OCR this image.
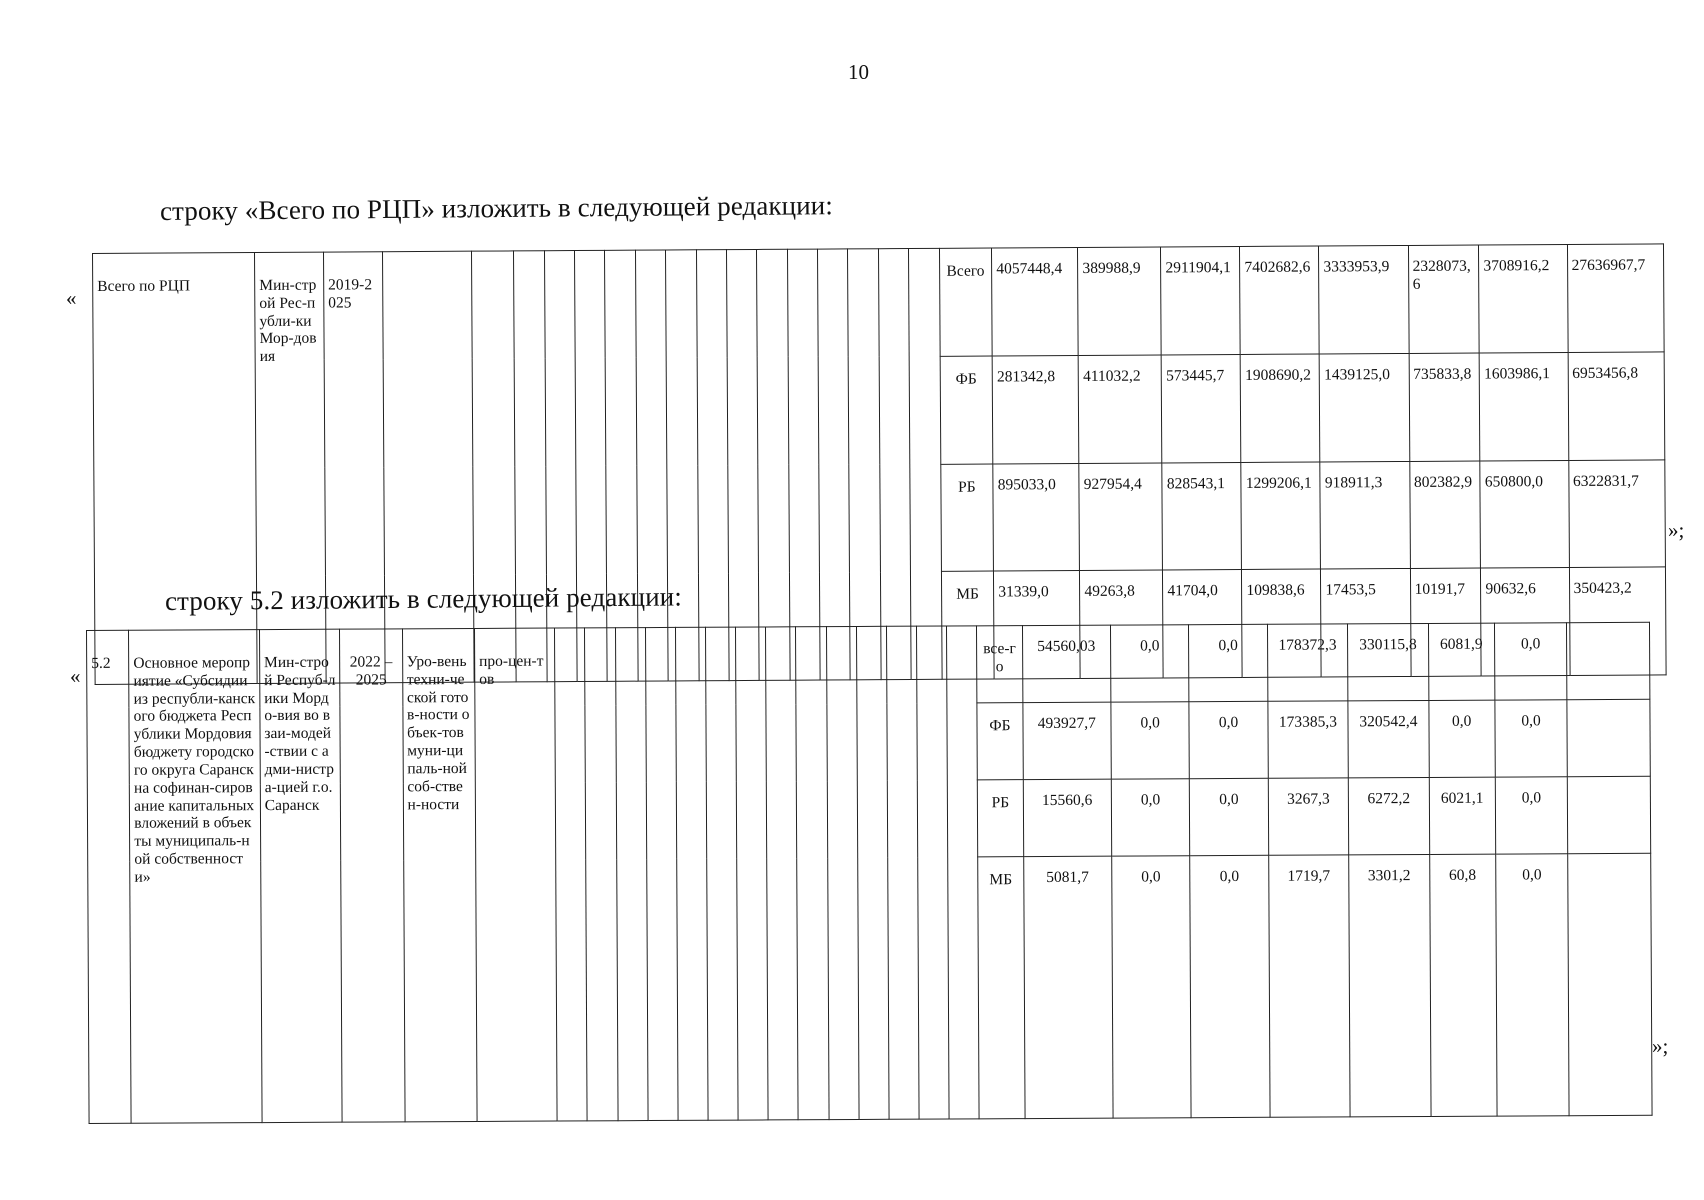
10
строку «Всего по РЦП» изложить в следующей редакции:
«
»;
Всего по РЦП	Мин-строй Рес-публи-ки Мор-довия	2019-2025																	Всего	4057448,4	389988,9	2911904,1	7402682,6	3333953,9	2328073,6	3708916,2	27636967,7
																			ФБ	281342,8	411032,2	573445,7	1908690,2	1439125,0	735833,8	1603986,1	6953456,8
																			РБ	895033,0	927954,4	828543,1	1299206,1	918911,3	802382,9	650800,0	6322831,7
																			МБ	31339,0	49263,8	41704,0	109838,6	17453,5	10191,7	90632,6	350423,2
строку 5.2 изложить в следующей редакции:
«
»;
5.2	Основное мероприятие «Субсидии из республи-канского бюджета Республики Мордовия бюджету городского округа Саранск на софинан-сирование капитальных вложений в объекты муниципаль-ной собственности»	Мин-строй Респуб-лики Мордо-вия во взаи-модей-ствии с адми-нистра-цией г.о. Саранск	2022 – 2025	Уро-вень техни-ческой готов-ности объек-тов муни-ципаль-ной соб-ствен-ности	про-цен-тов															все-го	54560,03	0,0	0,0	178372,3	330115,8	6081,9	0,0	
																				ФБ	493927,7	0,0	0,0	173385,3	320542,4	0,0	0,0	
																				РБ	15560,6	0,0	0,0	3267,3	6272,2	6021,1	0,0	
																				МБ	5081,7	0,0	0,0	1719,7	3301,2	60,8	0,0	
